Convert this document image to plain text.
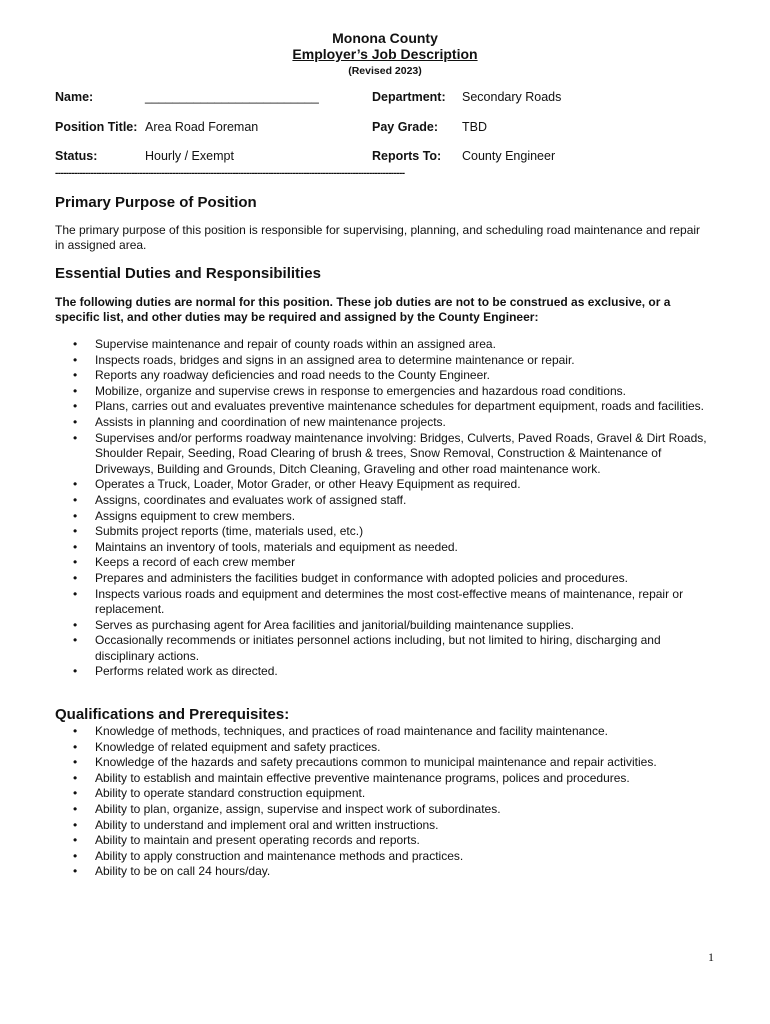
Monona County
Employer’s Job Description
(Revised 2023)
Name:	_________________________	Department: Secondary Roads
Position Title: Area Road Foreman	Pay Grade: TBD
Status:	Hourly / Exempt	Reports To: County Engineer
--------------------------------------------------------------------------------------------------------------------------------
Primary Purpose of Position
The primary purpose of this position is responsible for supervising, planning, and scheduling road maintenance and repair in assigned area.
Essential Duties and Responsibilities
The following duties are normal for this position. These job duties are not to be construed as exclusive, or a specific list, and other duties may be required and assigned by the County Engineer:
• Supervise maintenance and repair of county roads within an assigned area.
• Inspects roads, bridges and signs in an assigned area to determine maintenance or repair.
• Reports any roadway deficiencies and road needs to the County Engineer.
• Mobilize, organize and supervise crews in response to emergencies and hazardous road conditions.
• Plans, carries out and evaluates preventive maintenance schedules for department equipment, roads and facilities.
• Assists in planning and coordination of new maintenance projects.
• Supervises and/or performs roadway maintenance involving: Bridges, Culverts, Paved Roads, Gravel & Dirt Roads, Shoulder Repair, Seeding, Road Clearing of brush & trees, Snow Removal, Construction & Maintenance of Driveways, Building and Grounds, Ditch Cleaning, Graveling and other road maintenance work.
• Operates a Truck, Loader, Motor Grader, or other Heavy Equipment as required.
• Assigns, coordinates and evaluates work of assigned staff.
• Assigns equipment to crew members.
• Submits project reports (time, materials used, etc.)
• Maintains an inventory of tools, materials and equipment as needed.
• Keeps a record of each crew member
• Prepares and administers the facilities budget in conformance with adopted policies and procedures.
• Inspects various roads and equipment and determines the most cost-effective means of maintenance, repair or replacement.
• Serves as purchasing agent for Area facilities and janitorial/building maintenance supplies.
• Occasionally recommends or initiates personnel actions including, but not limited to hiring, discharging and disciplinary actions.
• Performs related work as directed.
Qualifications and Prerequisites:
• Knowledge of methods, techniques, and practices of road maintenance and facility maintenance.
• Knowledge of related equipment and safety practices.
• Knowledge of the hazards and safety precautions common to municipal maintenance and repair activities.
• Ability to establish and maintain effective preventive maintenance programs, polices and procedures.
• Ability to operate standard construction equipment.
• Ability to plan, organize, assign, supervise and inspect work of subordinates.
• Ability to understand and implement oral and written instructions.
• Ability to maintain and present operating records and reports.
• Ability to apply construction and maintenance methods and practices.
• Ability to be on call 24 hours/day.
1
